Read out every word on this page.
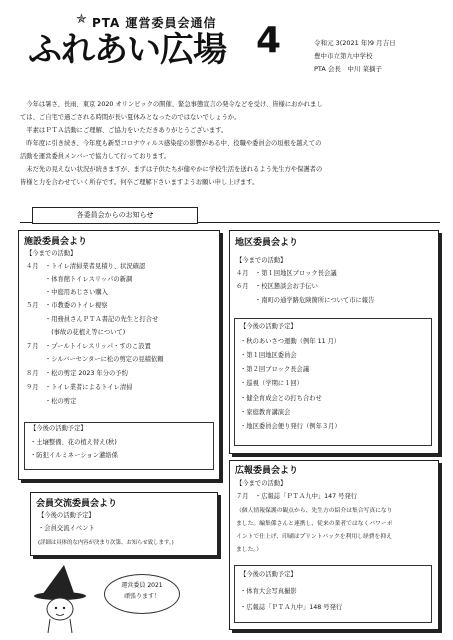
✯ PTA 運営委員会通信
ふれあい広場 4	令和元 3(2021 年)9 月吉日
豊中市立第九中学校
PTA 会長　中川 菜摘子
　今年は暑さ、長雨、東京 2020 オリンピックの開催、緊急事態宣言の発令などを受け、皆様におかれまし
ては、ご自宅で過ごされる時間が長い夏休みとなったのではないでしょうか。
　平素はＰＴＡ活動にご理解、ご協力をいただきありがとうございます。
　昨年度に引き続き、今年度も新型コロナウィルス感染症の影響がある中、役職や委員会の垣根を越えての
活動を運営委員メンバーで協力して行っております。
　未だ先の見えない状況が続きますが、まずは子供たちが健やかに学校生活を送れるよう先生方や保護者の
皆様と力を合わせていく所存です。何卒ご理解下さいますようお願い申し上げます。
各委員会からのお知らせ
施設委員会より
【今までの活動】
４月　・トイレ清掃業者見積り、状況確認
　　　・体育館トイレスリッパの新調
　　　・中庭用あじさい購入
５月　・市教委のトイレ視察
　　　・用務員さんＰＴＡ書記の先生と打合せ
　　　　(事故の花植え等について)
７月　・プールトイレスリッパ・すのこ設置
　　　・シルバーセンターに松の剪定の見積依頼
８月　・松の剪定 2023 年分の予約
９月　・トイレ業者によるトイレ清掃
　　　・松の剪定
【今後の活動予定】
・土壌整備、花の植え替え(秋)
・防犯イルミネーション灌絡係
地区委員会より
【今までの活動】
４月　・第１回地区ブロック長会議
６月　・校区懇談会お手伝い
　　　・南町の通学路危険箇所について市に報告
【今後の活動予定】
・秋のあいさつ運動（例年 11 月）
・第１回地区委員会
・第２回ブロック長会議
・巡視（学期に１回）
・健全育成会との打ち合わせ
・家庭教育講演会
・地区委員会便り発行（例年３月）
会員交流委員会より
【今後の活動予定】
・会員交流イベント
(詳細は具体的な内容が決まり次第、お知らせ致します。)
広報委員会より
【今までの活動】
７月　・広報誌「ＰＴＡ九中」147 号発行
（個人情報保護の観点から、先生方の紹介は集合写真になり
ました。編集係さんと連携し、従来の業者ではなくパワーポ
イントで仕上げ、印刷はプリントパックを利用し経費を抑え
ました。）
【今後の活動予定】
・体育大会写真撮影
・広報誌「ＰＴＡ九中」148 号発行
運営委員 2021
頑張ります！
